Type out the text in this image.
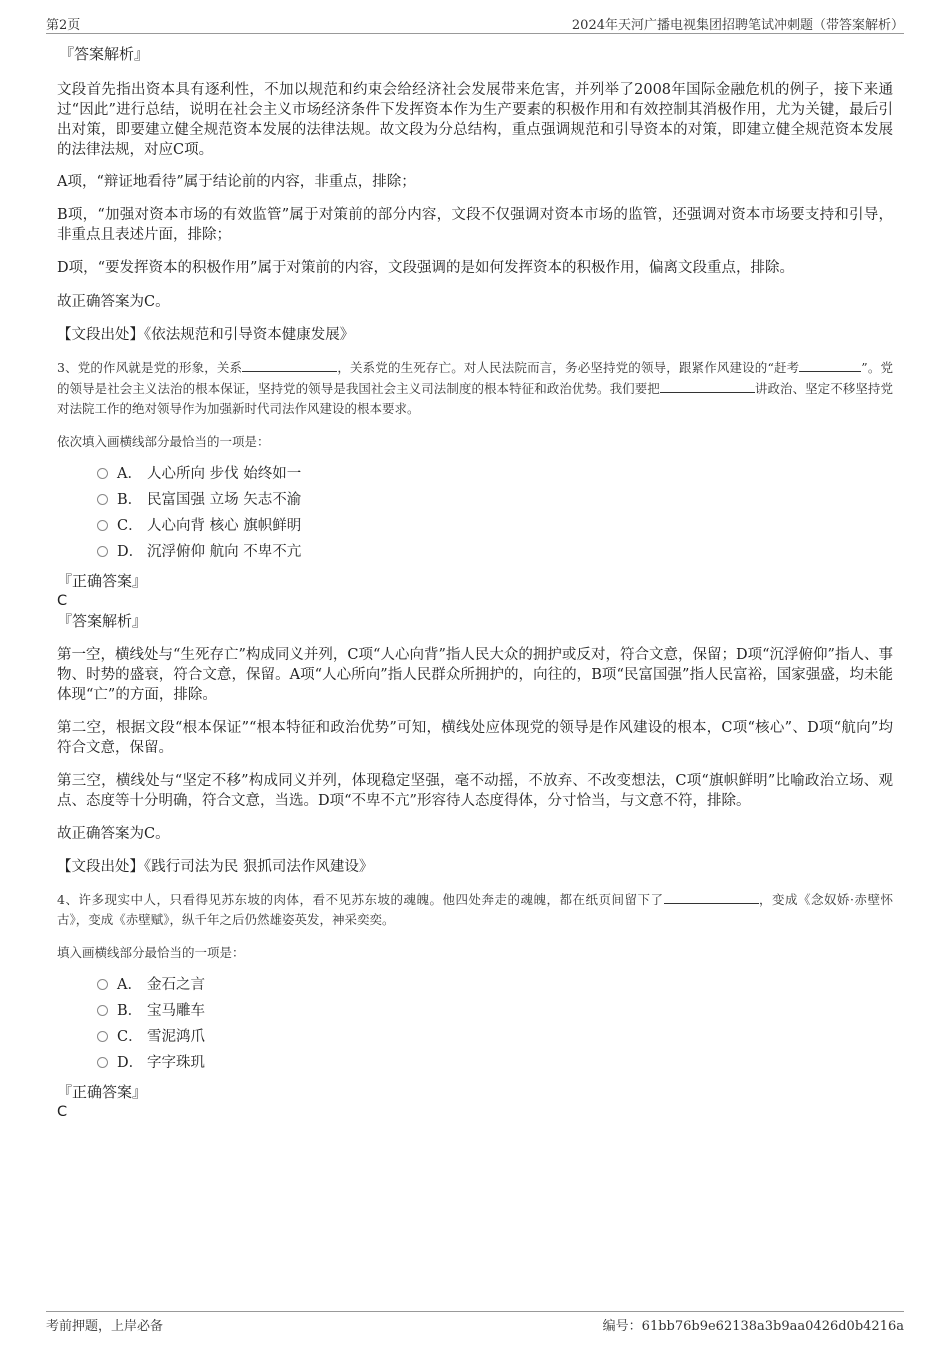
第2页	2024年天河广播电视集团招聘笔试冲刺题（带答案解析）

『答案解析』

文段首先指出资本具有逐利性，不加以规范和约束会给经济社会发展带来危害，并列举了2008年国际金融危机的例子，接下来通过“因此”进行总结，说明在社会主义市场经济条件下发挥资本作为生产要素的积极作用和有效控制其消极作用，尤为关键，最后引出对策，即要建立健全规范资本发展的法律法规。故文段为分总结构，重点强调规范和引导资本的对策，即建立健全规范资本发展的法律法规，对应C项。

A项，“辩证地看待”属于结论前的内容，非重点，排除；

B项，“加强对资本市场的有效监管”属于对策前的部分内容，文段不仅强调对资本市场的监管，还强调对资本市场要支持和引导，非重点且表述片面，排除；

D项，“要发挥资本的积极作用”属于对策前的内容，文段强调的是如何发挥资本的积极作用，偏离文段重点，排除。

故正确答案为C。

【文段出处】《依法规范和引导资本健康发展》

3、党的作风就是党的形象，关系	，关系党的生死存亡。对人民法院而言，务必坚持党的领导，跟紧作风建设的“赶考	”。党的领导是社会主义法治的根本保证，坚持党的领导是我国社会主义司法制度的根本特征和政治优势。我们要把	讲政治、坚定不移坚持党对法院工作的绝对领导作为加强新时代司法作风建设的根本要求。

依次填入画横线部分最恰当的一项是：

A． 人心所向 步伐 始终如一
B． 民富国强 立场 矢志不渝
C． 人心向背 核心 旗帜鲜明
D． 沉浮俯仰 航向 不卑不亢

『正确答案』

C

『答案解析』

第一空，横线处与“生死存亡”构成同义并列，C项“人心向背”指人民大众的拥护或反对，符合文意，保留；D项“沉浮俯仰”指人、事物、时势的盛衰，符合文意，保留。A项“人心所向”指人民群众所拥护的，向往的，B项“民富国强”指人民富裕，国家强盛，均未能体现“亡”的方面，排除。

第二空，根据文段“根本保证”“根本特征和政治优势”可知，横线处应体现党的领导是作风建设的根本，C项“核心”、D项“航向”均符合文意，保留。

第三空，横线处与“坚定不移”构成同义并列，体现稳定坚强，毫不动摇，不放弃、不改变想法，C项“旗帜鲜明”比喻政治立场、观点、态度等十分明确，符合文意，当选。D项“不卑不亢”形容待人态度得体，分寸恰当，与文意不符，排除。

故正确答案为C。

【文段出处】《践行司法为民 狠抓司法作风建设》

4、许多现实中人，只看得见苏东坡的肉体，看不见苏东坡的魂魄。他四处奔走的魂魄，都在纸页间留下了	，变成《念奴娇·赤壁怀古》，变成《赤壁赋》，纵千年之后仍然雄姿英发，神采奕奕。

填入画横线部分最恰当的一项是：

A． 金石之言
B． 宝马雕车
C． 雪泥鸿爪
D． 字字珠玑

『正确答案』

C

考前押题，上岸必备	编号：61bb76b9e62138a3b9aa0426d0b4216a
